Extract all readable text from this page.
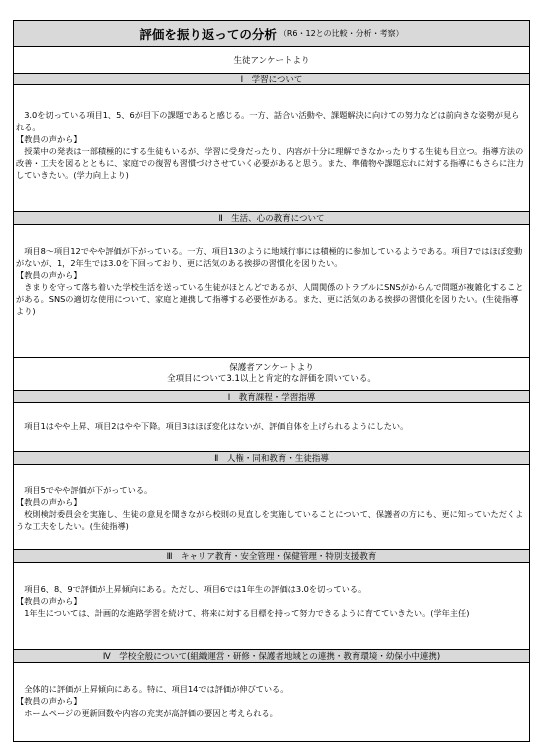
評価を振り返っての分析 （R6・12との比較・分析・考察）
生徒アンケートより
Ⅰ　学習について

3.0を切っている項目1、5、6が目下の課題であると感じる。一方、話合い活動や、課題解決に向けての努力などは前向きな姿勢が見られる。

【教員の声から】

授業中の発表は一部積極的にする生徒もいるが、学習に受身だったり、内容が十分に理解できなかったりする生徒も目立つ。指導方法の改善・工夫を図るとともに、家庭での復習も習慣づけさせていく必要があると思う。また、準備物や課題忘れに対する指導にもさらに注力していきたい。(学力向上より)

Ⅱ　生活、心の教育について

項目8～項目12でやや評価が下がっている。一方、項目13のように地域行事には積極的に参加しているようである。項目7ではほぼ変動がないが、1，2年生では3.0を下回っており、更に活気のある挨拶の習慣化を図りたい。

【教員の声から】

きまりを守って落ち着いた学校生活を送っている生徒がほとんどであるが、人間関係のトラブルにSNSがからんで問題が複雑化することがある。SNSの適切な使用について、家庭と連携して指導する必要性がある。また、更に活気のある挨拶の習慣化を図りたい。(生徒指導より)

保護者アンケートより
全項目について3.1以上と肯定的な評価を頂いている。
Ⅰ　教育課程・学習指導

項目1はやや上昇、項目2はやや下降。項目3はほぼ変化はないが、評価自体を上げられるようにしたい。

Ⅱ　人権・同和教育・生徒指導

項目5でやや評価が下がっている。

【教員の声から】

校則検討委員会を実施し、生徒の意見を聞きながら校則の見直しを実施していることについて、保護者の方にも、更に知っていただくような工夫をしたい。(生徒指導)

Ⅲ　キャリア教育・安全管理・保健管理・特別支援教育

項目6、8、9で評価が上昇傾向にある。ただし、項目6では1年生の評価は3.0を切っている。

【教員の声から】

1年生については、計画的な進路学習を続けて、将来に対する目標を持って努力できるように育てていきたい。(学年主任)

Ⅳ　学校全般について(組織運営・研修・保護者地域との連携・教育環境・幼保小中連携)

全体的に評価が上昇傾向にある。特に、項目14では評価が伸びている。

【教員の声から】

ホームページの更新回数や内容の充実が高評価の要因と考えられる。
